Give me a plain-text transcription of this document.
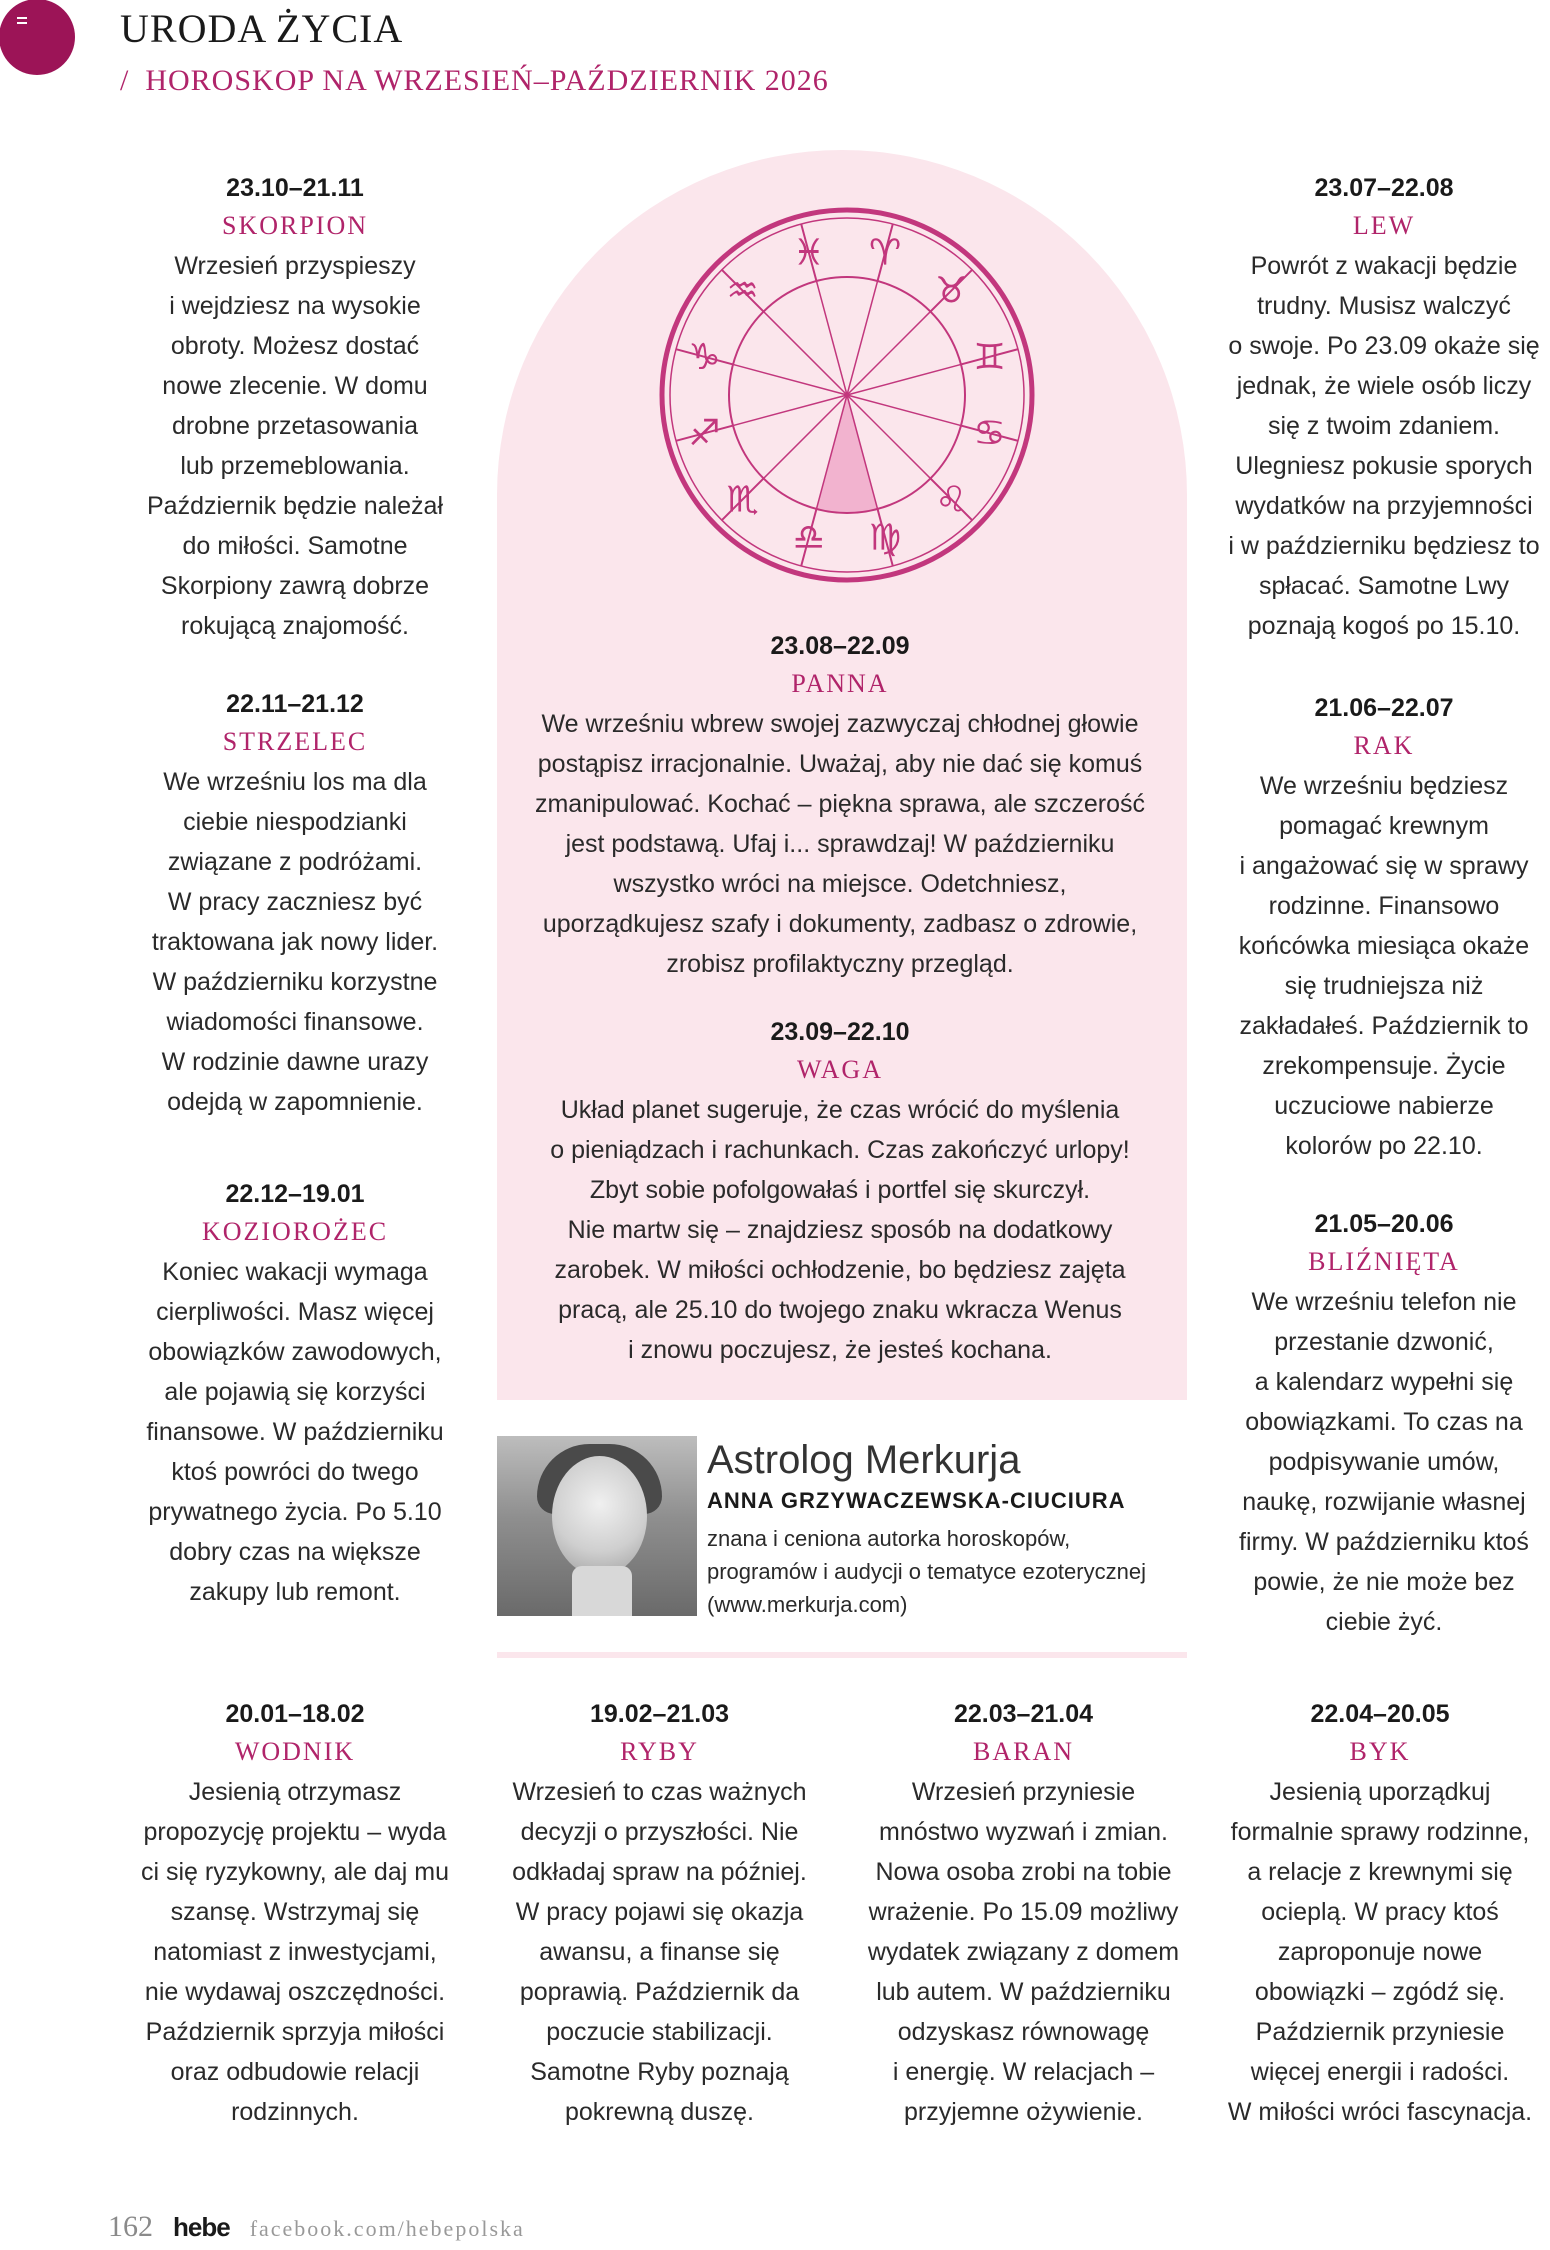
URODA ŻYCIA
/ HOROSKOP NA WRZESIEŃ–PAŹDZIERNIK 2026
♈
♉
♊
♋
♌
♍
♎
♏
♐
♑
♒
♓
23.10–21.11
SKORPION
Wrzesień przyspieszy
i wejdziesz na wysokie
obroty. Możesz dostać
nowe zlecenie. W domu
drobne przetasowania
lub przemeblowania.
Październik będzie należał
do miłości. Samotne
Skorpiony zawrą dobrze
rokującą znajomość.
22.11–21.12
STRZELEC
We wrześniu los ma dla
ciebie niespodzianki
związane z podróżami.
W pracy zaczniesz być
traktowana jak nowy lider.
W październiku korzystne
wiadomości finansowe.
W rodzinie dawne urazy
odejdą w zapomnienie.
22.12–19.01
KOZIOROŻEC
Koniec wakacji wymaga
cierpliwości. Masz więcej
obowiązków zawodowych,
ale pojawią się korzyści
finansowe. W październiku
ktoś powróci do twego
prywatnego życia. Po 5.10
dobry czas na większe
zakupy lub remont.
23.08–22.09
PANNA
We wrześniu wbrew swojej zazwyczaj chłodnej głowie
postąpisz irracjonalnie. Uważaj, aby nie dać się komuś
zmanipulować. Kochać – piękna sprawa, ale szczerość
jest podstawą. Ufaj i... sprawdzaj! W październiku
wszystko wróci na miejsce. Odetchniesz,
uporządkujesz szafy i dokumenty, zadbasz o zdrowie,
zrobisz profilaktyczny przegląd.
23.09–22.10
WAGA
Układ planet sugeruje, że czas wrócić do myślenia
o pieniądzach i rachunkach. Czas zakończyć urlopy!
Zbyt sobie pofolgowałaś i portfel się skurczył.
Nie martw się – znajdziesz sposób na dodatkowy
zarobek. W miłości ochłodzenie, bo będziesz zajęta
pracą, ale 25.10 do twojego znaku wkracza Wenus
i znowu poczujesz, że jesteś kochana.
23.07–22.08
LEW
Powrót z wakacji będzie
trudny. Musisz walczyć
o swoje. Po 23.09 okaże się
jednak, że wiele osób liczy
się z twoim zdaniem.
Ulegniesz pokusie sporych
wydatków na przyjemności
i w październiku będziesz to
spłacać. Samotne Lwy
poznają kogoś po 15.10.
21.06–22.07
RAK
We wrześniu będziesz
pomagać krewnym
i angażować się w sprawy
rodzinne. Finansowo
końcówka miesiąca okaże
się trudniejsza niż
zakładałeś. Październik to
zrekompensuje. Życie
uczuciowe nabierze
kolorów po 22.10.
21.05–20.06
BLIŹNIĘTA
We wrześniu telefon nie
przestanie dzwonić,
a kalendarz wypełni się
obowiązkami. To czas na
podpisywanie umów,
naukę, rozwijanie własnej
firmy. W październiku ktoś
powie, że nie może bez
ciebie żyć.
Astrolog Merkurja
ANNA GRZYWACZEWSKA-CIUCIURA
znana i ceniona autorka horoskopów,
programów i audycji o tematyce ezoterycznej
(www.merkurja.com)
20.01–18.02
WODNIK
Jesienią otrzymasz
propozycję projektu – wyda
ci się ryzykowny, ale daj mu
szansę. Wstrzymaj się
natomiast z inwestycjami,
nie wydawaj oszczędności.
Październik sprzyja miłości
oraz odbudowie relacji
rodzinnych.
19.02–21.03
RYBY
Wrzesień to czas ważnych
decyzji o przyszłości. Nie
odkładaj spraw na później.
W pracy pojawi się okazja
awansu, a finanse się
poprawią. Październik da
poczucie stabilizacji.
Samotne Ryby poznają
pokrewną duszę.
22.03–21.04
BARAN
Wrzesień przyniesie
mnóstwo wyzwań i zmian.
Nowa osoba zrobi na tobie
wrażenie. Po 15.09 możliwy
wydatek związany z domem
lub autem. W październiku
odzyskasz równowagę
i energię. W relacjach –
przyjemne ożywienie.
22.04–20.05
BYK
Jesienią uporządkuj
formalnie sprawy rodzinne,
a relacje z krewnymi się
ocieplą. W pracy ktoś
zaproponuje nowe
obowiązki – zgódź się.
Październik przyniesie
więcej energii i radości.
W miłości wróci fascynacja.
162 hebe facebook.com/hebepolska
